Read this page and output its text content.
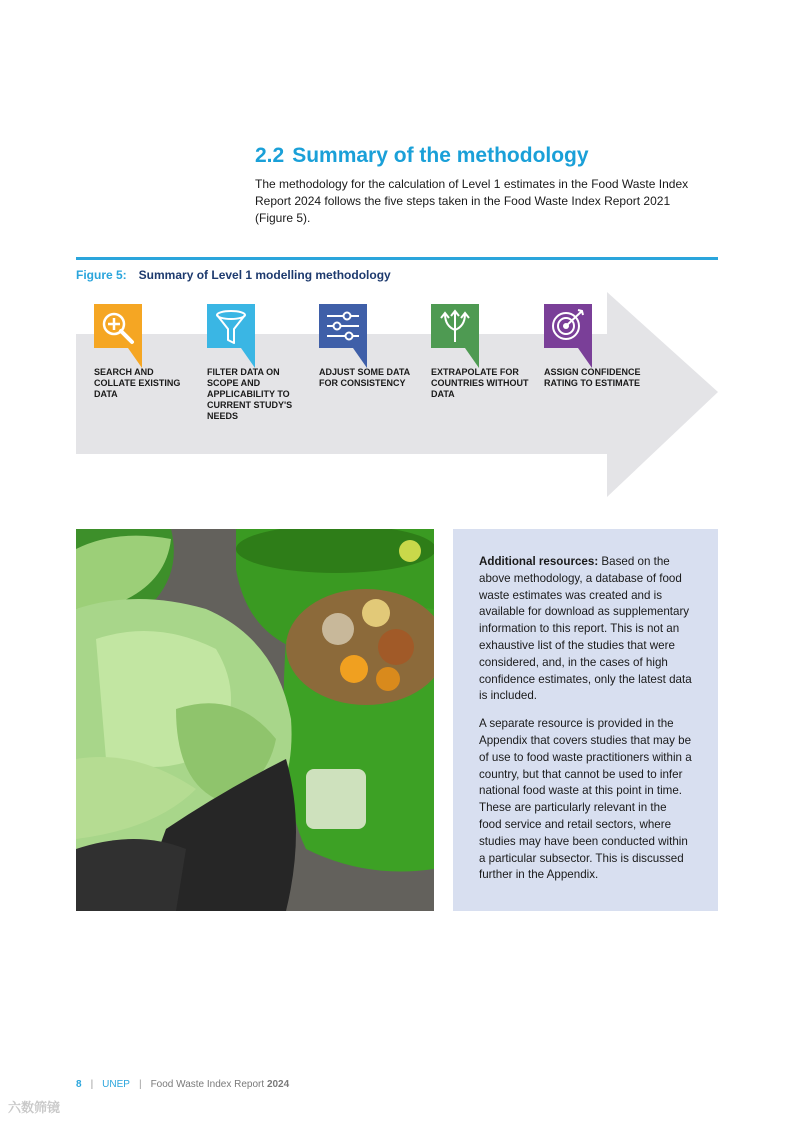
2.2 Summary of the methodology

The methodology for the calculation of Level 1 estimates in the Food Waste Index Report 2024 follows the five steps taken in the Food Waste Index Report 2021 (Figure 5).

Figure 5: Summary of Level 1 modelling methodology

SEARCH AND COLLATE EXISTING DATA
FILTER DATA ON SCOPE AND APPLICABILITY TO CURRENT STUDY'S NEEDS
ADJUST SOME DATA FOR CONSISTENCY
EXTRAPOLATE FOR COUNTRIES WITHOUT DATA
ASSIGN CONFIDENCE RATING TO ESTIMATE

Additional resources: Based on the above methodology, a database of food waste estimates was created and is available for download as supplementary information to this report. This is not an exhaustive list of the studies that were considered, and, in the cases of high confidence estimates, only the latest data is included.

A separate resource is provided in the Appendix that covers studies that may be of use to food waste practitioners within a country, but that cannot be used to infer national food waste at this point in time. These are particularly relevant in the food service and retail sectors, where studies may have been conducted within a particular subsector. This is discussed further in the Appendix.

8 | UNEP | Food Waste Index Report 2024
六数筛镜
